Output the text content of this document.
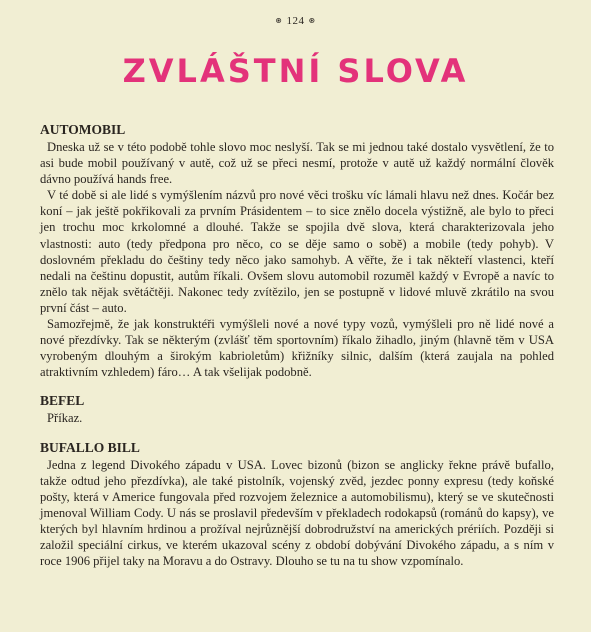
⊛ 124 ⊛
ZVLÁŠTNÍ SLOVA

AUTOMOBIL

Dneska už se v této podobě tohle slovo moc neslyší. Tak se mi jednou také dostalo vysvětlení, že to asi bude mobil používaný v autě, což už se přeci nesmí, protože v autě už každý normální člověk dávno používá hands free.

V té době si ale lidé s vymýšlením názvů pro nové věci trošku víc lámali hlavu než dnes. Kočár bez koní – jak ještě pokřikovali za prvním Prásidentem – to sice znělo docela výstižně, ale bylo to přeci jen trochu moc krkolomné a dlouhé. Takže se spojila dvě slova, která charakterizovala jeho vlastnosti: auto (tedy předpona pro něco, co se děje samo o sobě) a mobile (tedy pohyb). V doslovném překladu do češtiny tedy něco jako samohyb. A věřte, že i tak někteří vlastenci, kteří nedali na češtinu dopustit, autům říkali. Ovšem slovu automobil rozuměl každý v Evropě a navíc to znělo tak nějak světáčtěji. Nakonec tedy zvítězilo, jen se postupně v lidové mluvě zkrátilo na svou první část – auto.

Samozřejmě, že jak konstruktéři vymýšleli nové a nové typy vozů, vymýšleli pro ně lidé nové a nové přezdívky. Tak se některým (zvlášť těm sportovním) říkalo žihadlo, jiným (hlavně těm v USA vyrobeným dlouhým a širokým kabrioletům) křižníky silnic, dalším (která zaujala na pohled atraktivním vzhledem) fáro… A tak všelijak podobně.

BEFEL

Příkaz.

BUFALLO BILL

Jedna z legend Divokého západu v USA. Lovec bizonů (bizon se anglicky řekne právě bufallo, takže odtud jeho přezdívka), ale také pistolník, vojenský zvěd, jezdec ponny expresu (tedy koňské pošty, která v Americe fungovala před rozvojem železnice a automobilismu), který se ve skutečnosti jmenoval William Cody. U nás se proslavil především v překladech rodokapsů (románů do kapsy), ve kterých byl hlavním hrdinou a prožíval nejrůznější dobrodružství na amerických prériích. Později si založil speciální cirkus, ve kterém ukazoval scény z období dobývání Divokého západu, a s ním v roce 1906 přijel taky na Moravu a do Ostravy. Dlouho se tu na tu show vzpomínalo.
